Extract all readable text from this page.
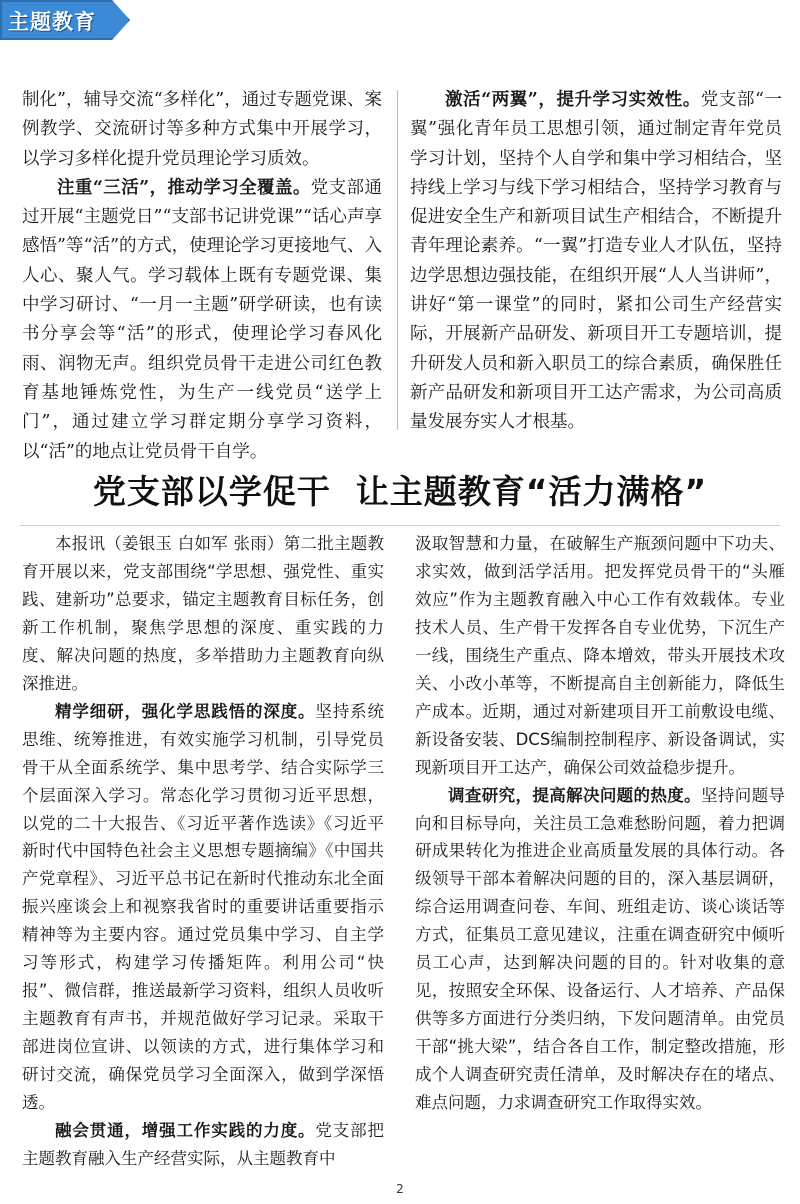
主题教育

制化”，辅导交流“多样化”，通过专题党课、案例教学、交流研讨等多种方式集中开展学习，以学习多样化提升党员理论学习质效。

注重“三活”，推动学习全覆盖。党支部通过开展“主题党日”“支部书记讲党课”“话心声享感悟”等“活”的方式，使理论学习更接地气、入人心、聚人气。学习载体上既有专题党课、集中学习研讨、“一月一主题”研学研读，也有读书分享会等“活”的形式，使理论学习春风化雨、润物无声。组织党员骨干走进公司红色教育基地锤炼党性，为生产一线党员“送学上门”，通过建立学习群定期分享学习资料，以“活”的地点让党员骨干自学。

激活“两翼”，提升学习实效性。党支部“一翼”强化青年员工思想引领，通过制定青年党员学习计划，坚持个人自学和集中学习相结合，坚持线上学习与线下学习相结合，坚持学习教育与促进安全生产和新项目试生产相结合，不断提升青年理论素养。“一翼”打造专业人才队伍，坚持边学思想边强技能，在组织开展“人人当讲师”，讲好“第一课堂”的同时，紧扣公司生产经营实际，开展新产品研发、新项目开工专题培训，提升研发人员和新入职员工的综合素质，确保胜任新产品研发和新项目开工达产需求，为公司高质量发展夯实人才根基。

党支部以学促干  让主题教育“活力满格”

本报讯（姜银玉 白如军 张雨）第二批主题教育开展以来，党支部围绕“学思想、强党性、重实践、建新功”总要求，锚定主题教育目标任务，创新工作机制，聚焦学思想的深度、重实践的力度、解决问题的热度，多举措助力主题教育向纵深推进。

精学细研，强化学思践悟的深度。坚持系统思维、统筹推进，有效实施学习机制，引导党员骨干从全面系统学、集中思考学、结合实际学三个层面深入学习。常态化学习贯彻习近平思想，以党的二十大报告、《习近平著作选读》《习近平新时代中国特色社会主义思想专题摘编》《中国共产党章程》、习近平总书记在新时代推动东北全面振兴座谈会上和视察我省时的重要讲话重要指示精神等为主要内容。通过党员集中学习、自主学习等形式，构建学习传播矩阵。利用公司“快报”、微信群，推送最新学习资料，组织人员收听主题教育有声书，并规范做好学习记录。采取干部进岗位宣讲、以领读的方式，进行集体学习和研讨交流，确保党员学习全面深入，做到学深悟透。

融会贯通，增强工作实践的力度。党支部把主题教育融入生产经营实际，从主题教育中

汲取智慧和力量，在破解生产瓶颈问题中下功夫、求实效，做到活学活用。把发挥党员骨干的“头雁效应”作为主题教育融入中心工作有效载体。专业技术人员、生产骨干发挥各自专业优势，下沉生产一线，围绕生产重点、降本增效，带头开展技术攻关、小改小革等，不断提高自主创新能力，降低生产成本。近期，通过对新建项目开工前敷设电缆、新设备安装、DCS编制控制程序、新设备调试，实现新项目开工达产，确保公司效益稳步提升。

调查研究，提高解决问题的热度。坚持问题导向和目标导向，关注员工急难愁盼问题，着力把调研成果转化为推进企业高质量发展的具体行动。各级领导干部本着解决问题的目的，深入基层调研，综合运用调查问卷、车间、班组走访、谈心谈话等方式，征集员工意见建议，注重在调查研究中倾听员工心声，达到解决问题的目的。针对收集的意见，按照安全环保、设备运行、人才培养、产品保供等多方面进行分类归纳，下发问题清单。由党员干部“挑大梁”，结合各自工作，制定整改措施，形成个人调查研究责任清单，及时解决存在的堵点、难点问题，力求调查研究工作取得实效。

2
